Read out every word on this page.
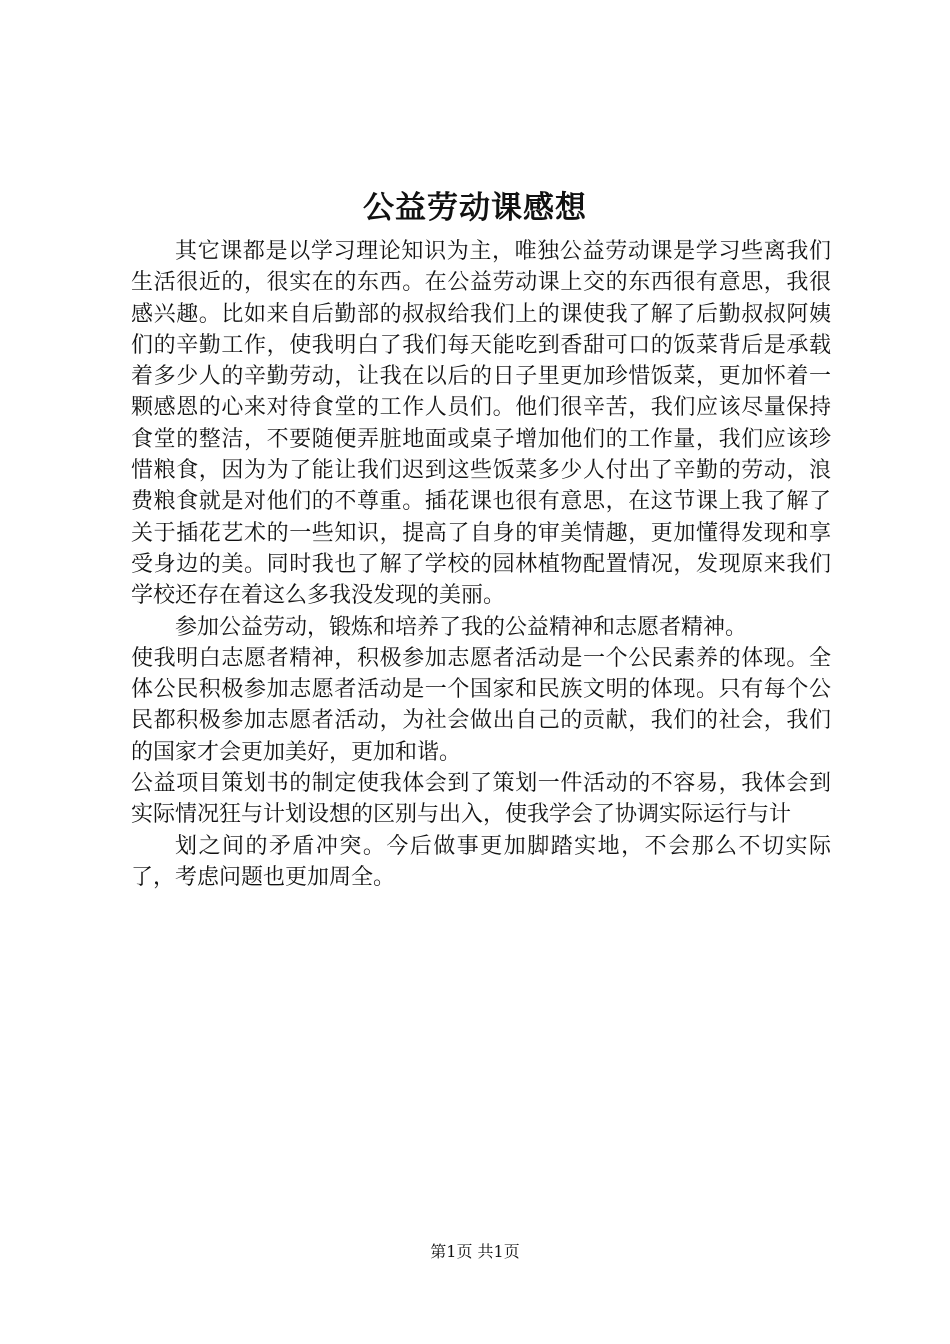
公益劳动课感想

其它课都是以学习理论知识为主，唯独公益劳动课是学习些离我们生活很近的，很实在的东西。在公益劳动课上交的东西很有意思，我很感兴趣。比如来自后勤部的叔叔给我们上的课使我了解了后勤叔叔阿姨们的辛勤工作，使我明白了我们每天能吃到香甜可口的饭菜背后是承载着多少人的辛勤劳动，让我在以后的日子里更加珍惜饭菜，更加怀着一颗感恩的心来对待食堂的工作人员们。他们很辛苦，我们应该尽量保持食堂的整洁，不要随便弄脏地面或桌子增加他们的工作量，我们应该珍惜粮食，因为为了能让我们迟到这些饭菜多少人付出了辛勤的劳动，浪费粮食就是对他们的不尊重。插花课也很有意思，在这节课上我了解了关于插花艺术的一些知识，提高了自身的审美情趣，更加懂得发现和享受身边的美。同时我也了解了学校的园林植物配置情况，发现原来我们学校还存在着这么多我没发现的美丽。

参加公益劳动，锻炼和培养了我的公益精神和志愿者精神。

使我明白志愿者精神，积极参加志愿者活动是一个公民素养的体现。全体公民积极参加志愿者活动是一个国家和民族文明的体现。只有每个公民都积极参加志愿者活动，为社会做出自己的贡献，我们的社会，我们的国家才会更加美好，更加和谐。

公益项目策划书的制定使我体会到了策划一件活动的不容易，我体会到实际情况狂与计划设想的区别与出入，使我学会了协调实际运行与计

划之间的矛盾冲突。今后做事更加脚踏实地，不会那么不切实际了，考虑问题也更加周全。

第1页 共1页
